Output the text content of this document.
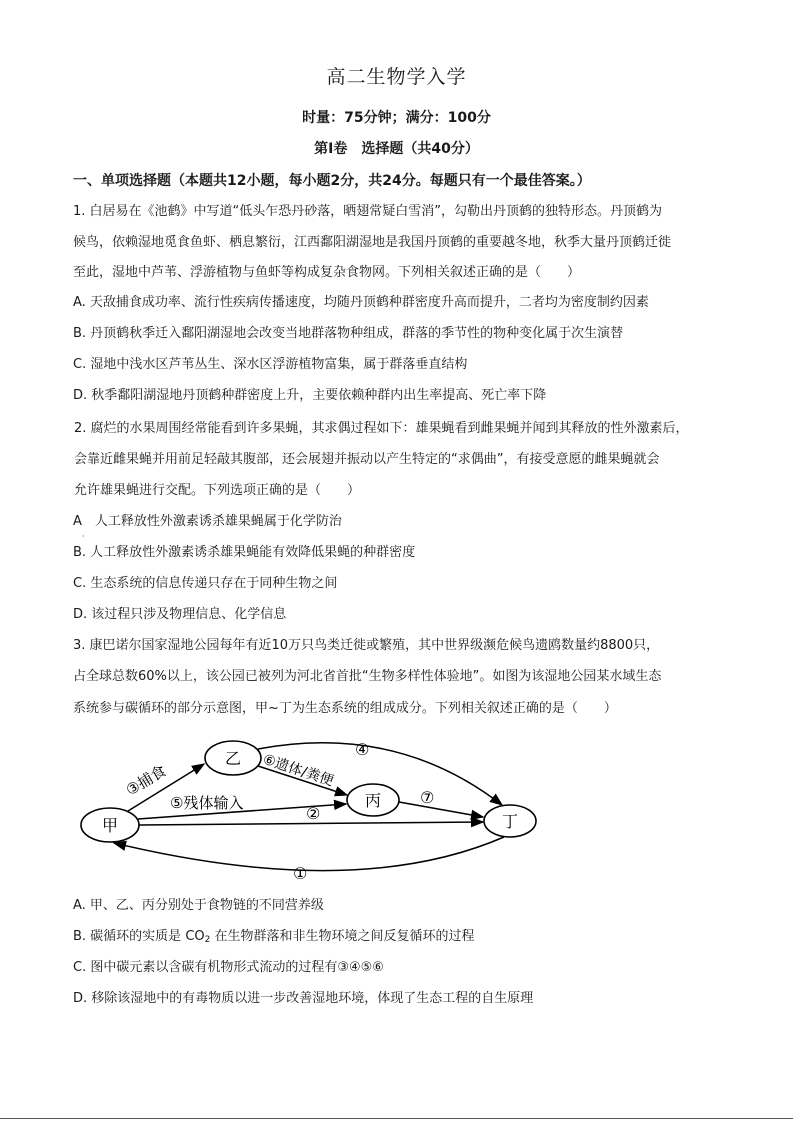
高二生物学入学
时量：75分钟；满分：100分
第Ⅰ卷　选择题（共40分）
一、单项选择题（本题共12小题，每小题2分，共24分。每题只有一个最佳答案。）
1. 白居易在《池鹤》中写道“低头乍恐丹砂落，晒翅常疑白雪消”，勾勒出丹顶鹤的独特形态。丹顶鹤为
候鸟，依赖湿地觅食鱼虾、栖息繁衍，江西鄱阳湖湿地是我国丹顶鹤的重要越冬地，秋季大量丹顶鹤迁徙
至此，湿地中芦苇、浮游植物与鱼虾等构成复杂食物网。下列相关叙述正确的是（　　）
A. 天敌捕食成功率、流行性疾病传播速度，均随丹顶鹤种群密度升高而提升，二者均为密度制约因素
B. 丹顶鹤秋季迁入鄱阳湖湿地会改变当地群落物种组成，群落的季节性的物种变化属于次生演替
C. 湿地中浅水区芦苇丛生、深水区浮游植物富集，属于群落垂直结构
D. 秋季鄱阳湖湿地丹顶鹤种群密度上升，主要依赖种群内出生率提高、死亡率下降
2. 腐烂的水果周围经常能看到许多果蝇，其求偶过程如下：雄果蝇看到雌果蝇并闻到其释放的性外激素后，
会靠近雌果蝇并用前足轻敲其腹部，还会展翅并振动以产生特定的“求偶曲”，有接受意愿的雌果蝇就会
允许雄果蝇进行交配。下列选项正确的是（　　）
A　人工释放性外激素诱杀雄果蝇属于化学防治
·
B. 人工释放性外激素诱杀雄果蝇能有效降低果蝇的种群密度
C. 生态系统的信息传递只存在于同种生物之间
D. 该过程只涉及物理信息、化学信息
3. 康巴诺尔国家湿地公园每年有近10万只鸟类迁徙或繁殖，其中世界级濒危候鸟遗鸥数量约8800只，
占全球总数60%以上，该公园已被列为河北省首批“生物多样性体验地”。如图为该湿地公园某水域生态
系统参与碳循环的部分示意图，甲~丁为生态系统的组成成分。下列相关叙述正确的是（　　）
甲
乙
丙
丁
③捕食
④
⑥遗体/粪便
⑤残体输入
②
⑦
①
A. 甲、乙、丙分别处于食物链的不同营养级
B. 碳循环的实质是 $CO_2$ 在生物群落和非生物环境之间反复循环的过程
C. 图中碳元素以含碳有机物形式流动的过程有③④⑤⑥
D. 移除该湿地中的有毒物质以进一步改善湿地环境，体现了生态工程的自生原理
